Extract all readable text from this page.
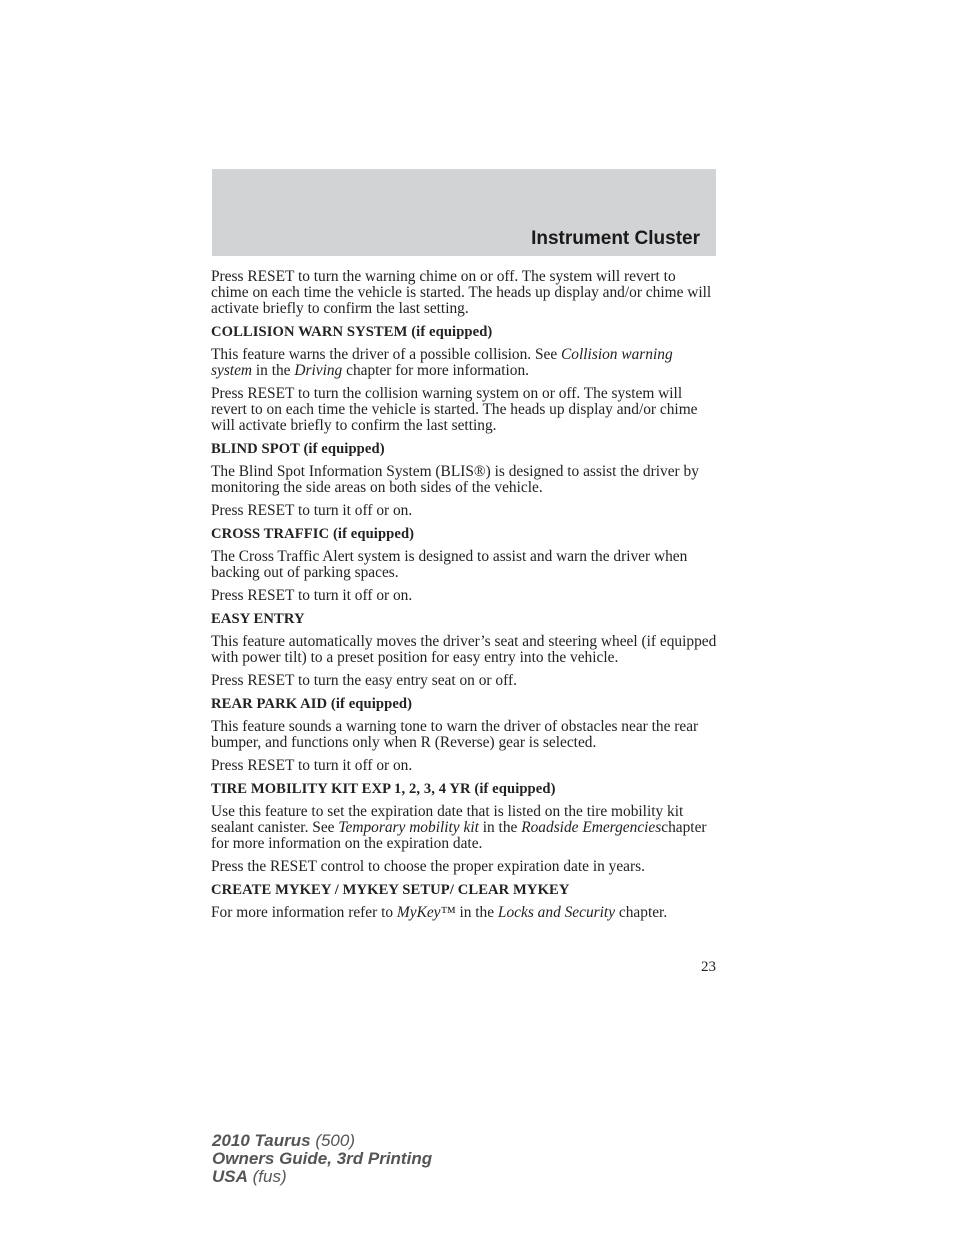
Instrument Cluster

Press RESET to turn the warning chime on or off. The system will revert to chime on each time the vehicle is started. The heads up display and/or chime will activate briefly to confirm the last setting.

COLLISION WARN SYSTEM (if equipped)

This feature warns the driver of a possible collision. See Collision warning system in the Driving chapter for more information.

Press RESET to turn the collision warning system on or off. The system will revert to on each time the vehicle is started. The heads up display and/or chime will activate briefly to confirm the last setting.

BLIND SPOT (if equipped)

The Blind Spot Information System (BLIS®) is designed to assist the driver by monitoring the side areas on both sides of the vehicle.

Press RESET to turn it off or on.

CROSS TRAFFIC (if equipped)

The Cross Traffic Alert system is designed to assist and warn the driver when backing out of parking spaces.

Press RESET to turn it off or on.

EASY ENTRY

This feature automatically moves the driver’s seat and steering wheel (if equipped with power tilt) to a preset position for easy entry into the vehicle.

Press RESET to turn the easy entry seat on or off.

REAR PARK AID (if equipped)

This feature sounds a warning tone to warn the driver of obstacles near the rear bumper, and functions only when R (Reverse) gear is selected.

Press RESET to turn it off or on.

TIRE MOBILITY KIT EXP 1, 2, 3, 4 YR (if equipped)

Use this feature to set the expiration date that is listed on the tire mobility kit sealant canister. See Temporary mobility kit in the Roadside Emergencieschapter for more information on the expiration date.

Press the RESET control to choose the proper expiration date in years.

CREATE MYKEY / MYKEY SETUP/ CLEAR MYKEY

For more information refer to MyKey™ in the Locks and Security chapter.

23
2010 Taurus (500)
Owners Guide, 3rd Printing
USA (fus)
